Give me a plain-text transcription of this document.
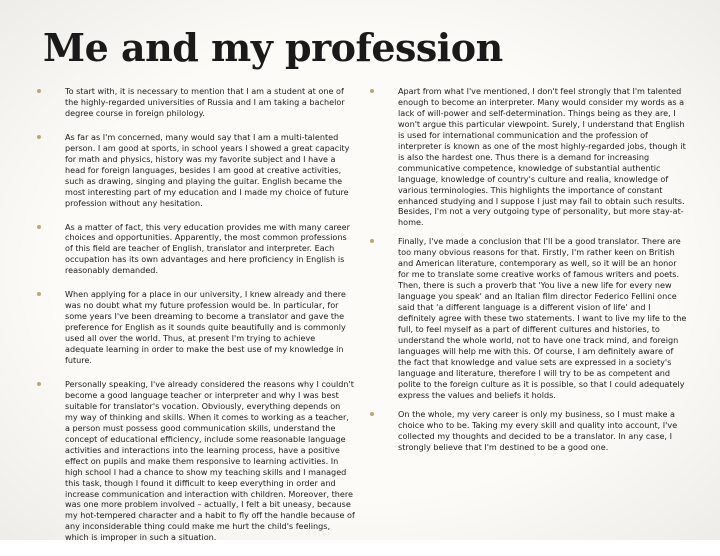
Me and my profession
To start with, it is necessary to mention that I am a student at one of the highly-regarded universities of Russia and I am taking a bachelor degree course in foreign philology.
As far as I'm concerned, many would say that I am a multi-talented person. I am good at sports, in school years I showed a great capacity for math and physics, history was my favorite subject and I have a head for foreign languages, besides I am good at creative activities, such as drawing, singing and playing the guitar. English became the most interesting part of my education and I made my choice of future profession without any hesitation.
As a matter of fact, this very education provides me with many career choices and opportunities. Apparently, the most common professions of this field are teacher of English, translator and interpreter. Each occupation has its own advantages and here proficiency in English is reasonably demanded.
When applying for a place in our university, I knew already and there was no doubt what my future profession would be. In particular, for some years I've been dreaming to become a translator and gave the preference for English as it sounds quite beautifully and is commonly used all over the world. Thus, at present I'm trying to achieve adequate learning in order to make the best use of my knowledge in future.
Personally speaking, I've already considered the reasons why I couldn't become a good language teacher or interpreter and why I was best suitable for translator's vocation. Obviously, everything depends on my way of thinking and skills. When it comes to working as a teacher, a person must possess good communication skills, understand the concept of educational efficiency, include some reasonable language activities and interactions into the learning process, have a positive effect on pupils and make them responsive to learning activities. In high school I had a chance to show my teaching skills and I managed this task, though I found it difficult to keep everything in order and increase communication and interaction with children. Moreover, there was one more problem involved – actually, I felt a bit uneasy, because my hot-tempered character and a habit to fly off the handle because of any inconsiderable thing could make me hurt the child's feelings, which is improper in such a situation.
Apart from what I've mentioned, I don't feel strongly that I'm talented enough to become an interpreter. Many would consider my words as a lack of will-power and self-determination. Things being as they are, I won't argue this particular viewpoint. Surely, I understand that English is used for international communication and the profession of interpreter is known as one of the most highly-regarded jobs, though it is also the hardest one. Thus there is a demand for increasing communicative competence, knowledge of substantial authentic language, knowledge of country's culture and realia, knowledge of various terminologies. This highlights the importance of constant enhanced studying and I suppose I just may fail to obtain such results. Besides, I'm not a very outgoing type of personality, but more stay-at-home.
Finally, I've made a conclusion that I'll be a good translator. There are too many obvious reasons for that. Firstly, I'm rather keen on British and American literature, contemporary as well, so it will be an honor for me to translate some creative works of famous writers and poets. Then, there is such a proverb that 'You live a new life for every new language you speak' and an Italian film director Federico Fellini once said that 'a different language is a different vision of life' and I definitely agree with these two statements. I want to live my life to the full, to feel myself as a part of different cultures and histories, to understand the whole world, not to have one track mind, and foreign languages will help me with this. Of course, I am definitely aware of the fact that knowledge and value sets are expressed in a society's language and literature, therefore I will try to be as competent and polite to the foreign culture as it is possible, so that I could adequately express the values and beliefs it holds.
On the whole, my very career is only my business, so I must make a choice who to be. Taking my every skill and quality into account, I've collected my thoughts and decided to be a translator. In any case, I strongly believe that I'm destined to be a good one.
